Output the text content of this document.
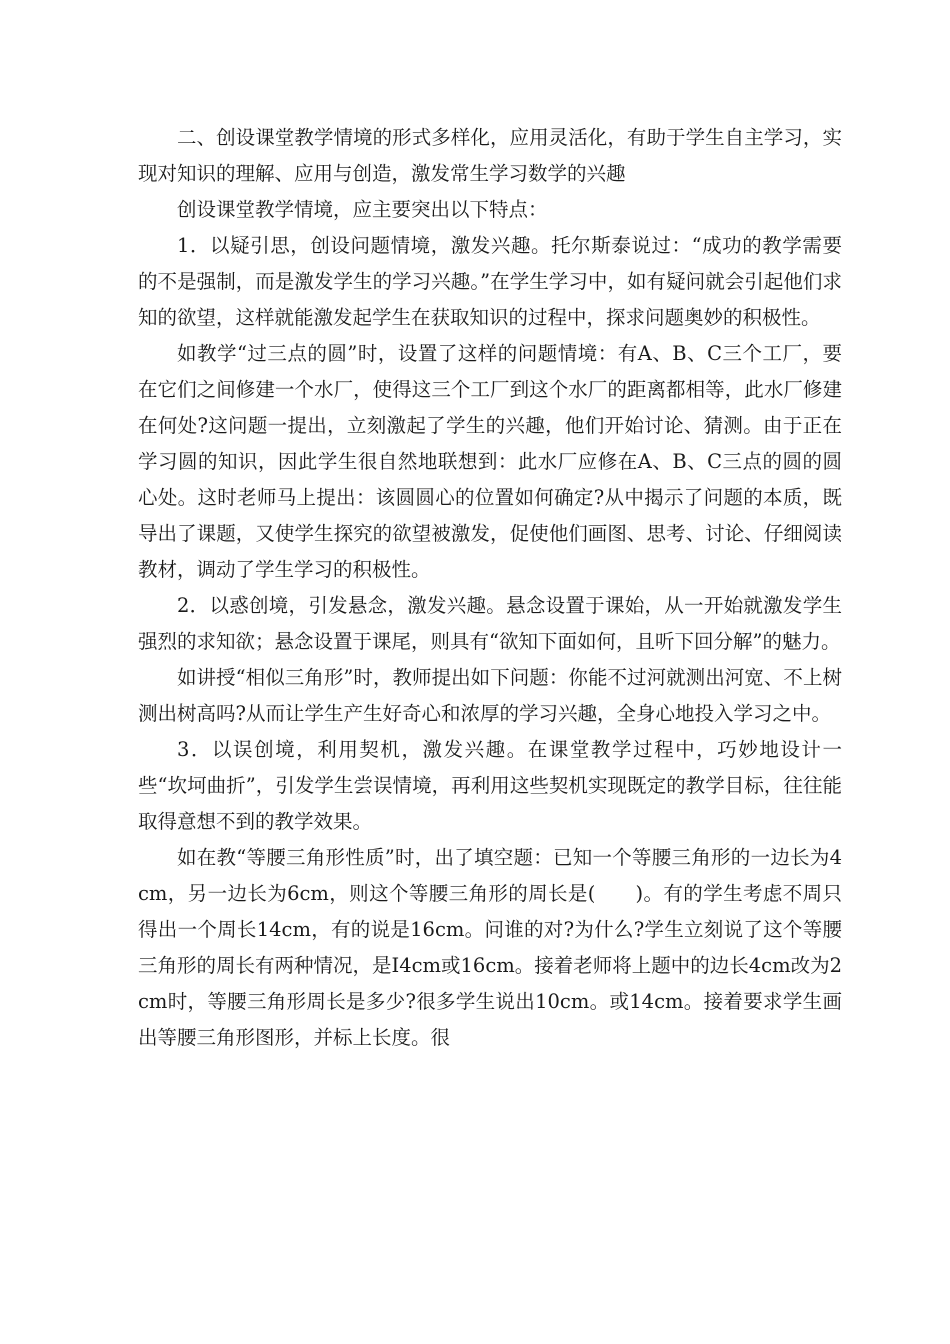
二、创设课堂教学情境的形式多样化，应用灵活化，有助于学生自主学习，实现对知识的理解、应用与创造，激发常生学习数学的兴趣

创设课堂教学情境，应主要突出以下特点：

1．以疑引思，创设问题情境，激发兴趣。托尔斯泰说过：“成功的教学需要的不是强制，而是激发学生的学习兴趣。”在学生学习中，如有疑问就会引起他们求知的欲望，这样就能激发起学生在获取知识的过程中，探求问题奥妙的积极性。

如教学“过三点的圆”时，设置了这样的问题情境：有A、B、C三个工厂，要在它们之间修建一个水厂，使得这三个工厂到这个水厂的距离都相等，此水厂修建在何处?这问题一提出，立刻激起了学生的兴趣，他们开始讨论、猜测。由于正在学习圆的知识，因此学生很自然地联想到：此水厂应修在A、B、C三点的圆的圆心处。这时老师马上提出：该圆圆心的位置如何确定?从中揭示了问题的本质，既导出了课题，又使学生探究的欲望被激发，促使他们画图、思考、讨论、仔细阅读教材，调动了学生学习的积极性。

2．以惑创境，引发悬念，激发兴趣。悬念设置于课始，从一开始就激发学生强烈的求知欲；悬念设置于课尾，则具有“欲知下面如何，且听下回分解”的魅力。

如讲授“相似三角形”时，教师提出如下问题：你能不过河就测出河宽、不上树测出树高吗?从而让学生产生好奇心和浓厚的学习兴趣，全身心地投入学习之中。

3．以误创境，利用契机，激发兴趣。在课堂教学过程中，巧妙地设计一些“坎坷曲折”，引发学生尝误情境，再利用这些契机实现既定的教学目标，往往能取得意想不到的教学效果。

如在教“等腰三角形性质”时，出了填空题：已知一个等腰三角形的一边长为4cm，另一边长为6cm，则这个等腰三角形的周长是(　　)。有的学生考虑不周只得出一个周长14cm，有的说是16cm。问谁的对?为什么?学生立刻说了这个等腰三角形的周长有两种情况，是I4cm或16cm。接着老师将上题中的边长4cm改为2cm时，等腰三角形周长是多少?很多学生说出10cm。或14cm。接着要求学生画出等腰三角形图形，并标上长度。很
